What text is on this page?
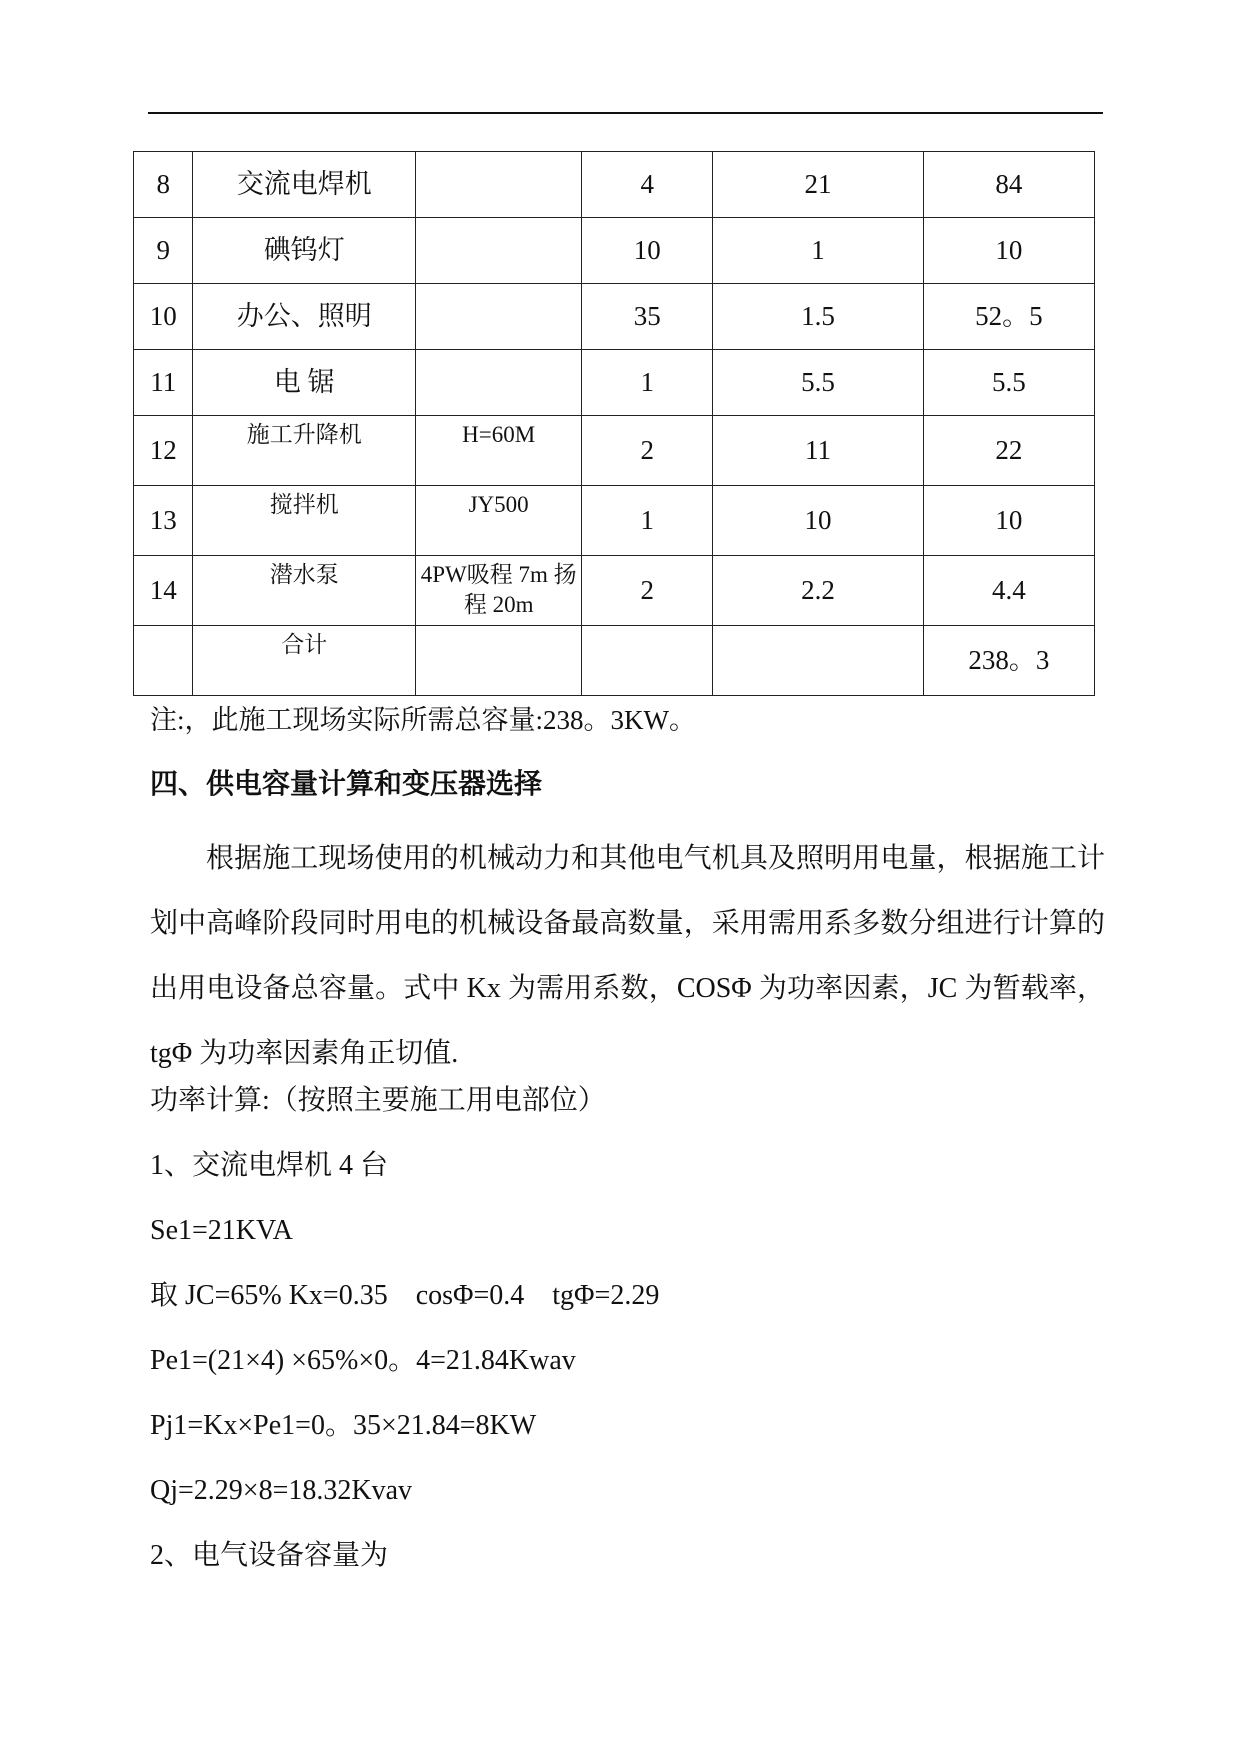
8	交流电焊机		4	21	84
9	碘钨灯		10	1	10
10	办公、照明		35	1.5	52。5
11	电 锯		1	5.5	5.5
12	施工升降机	H=60M	2	11	22
13	搅拌机	JY500	1	10	10
14	潜水泵	4PW吸程 7m 扬程 20m	2	2.2	4.4
	合计				238。3
注:，此施工现场实际所需总容量:238。3KW。
四、供电容量计算和变压器选择

根据施工现场使用的机械动力和其他电气机具及照明用电量，根据施工计划中高峰阶段同时用电的机械设备最高数量，采用需用系多数分组进行计算的出用电设备总容量。式中 Kx 为需用系数，COSΦ 为功率因素，JC 为暂载率，tgΦ 为功率因素角正切值.

功率计算:（按照主要施工用电部位）
1、交流电焊机 4 台
Se1=21KVA
取 JC=65% Kx=0.35    cosΦ=0.4    tgΦ=2.29
Pe1=(21×4) ×65%×0。4=21.84Kwav
Pj1=Kx×Pe1=0。35×21.84=8KW
Qj=2.29×8=18.32Kvav
2、电气设备容量为
